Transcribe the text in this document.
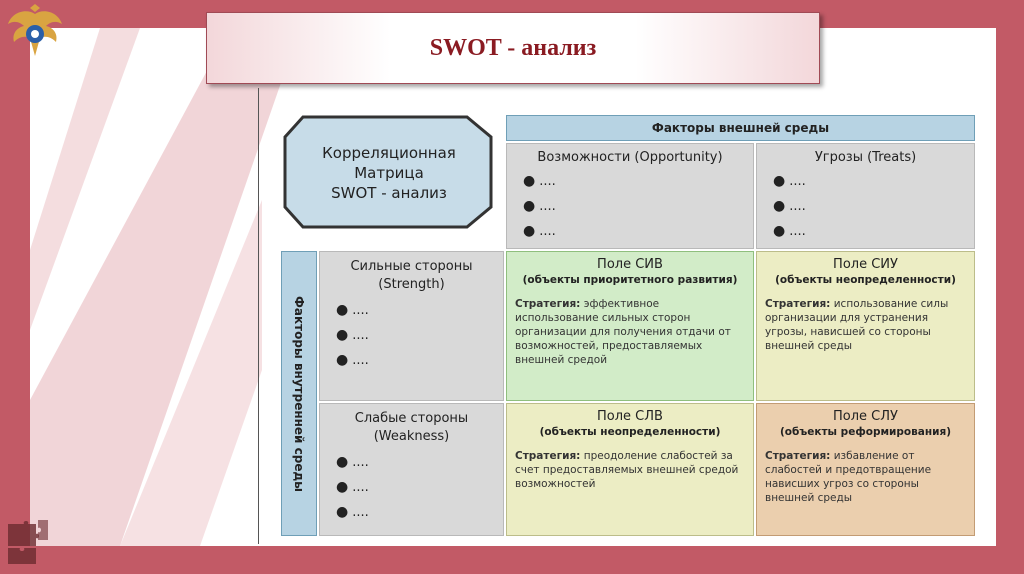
SWOT - анализ
Корреляционная
Матрица
SWOT - анализ
Факторы внешней среды
Возможности (Opportunity)
● ....
● ....
● ....
Угрозы (Treats)
● ....
● ....
● ....
Факторы внутренней среды
Сильные стороны
(Strength)
● ....
● ....
● ....
Слабые стороны
(Weakness)
● ....
● ....
● ....
Поле СИВ
(объекты приоритетного развития)
Стратегия: эффективное использование сильных сторон организации для получения отдачи от возможностей, предоставляемых внешней средой
Поле СИУ
(объекты неопределенности)
Стратегия: использование силы организации для устранения угрозы, нависшей со стороны внешней среды
Поле СЛВ
(объекты неопределенности)
Стратегия: преодоление слабостей за счет предоставляемых внешней средой возможностей
Поле СЛУ
(объекты реформирования)
Стратегия: избавление от слабостей и предотвращение нависших угроз со стороны внешней среды
